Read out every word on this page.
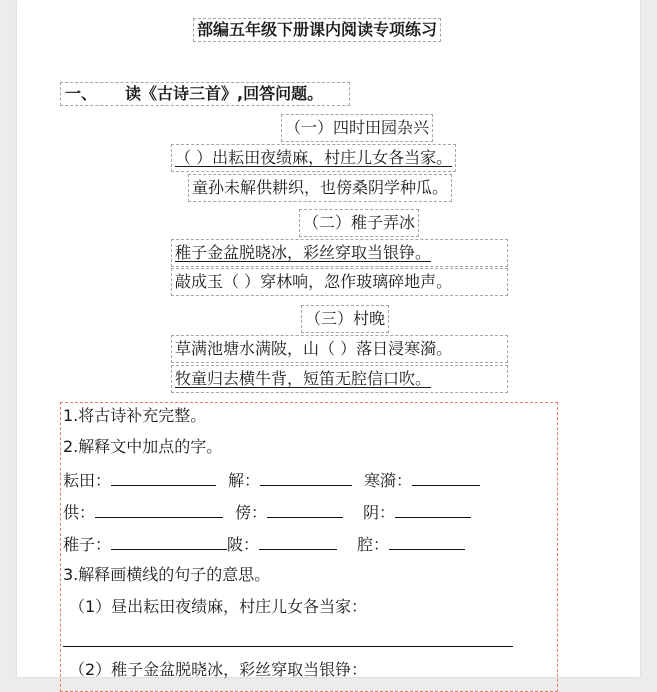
部编五年级下册课内阅读专项练习
一、 读《古诗三首》,回答问题。
（一）四时田园杂兴
（ ）出耘田夜绩麻，村庄儿女各当家。
童孙未解供耕织，也傍桑阴学种瓜。
（二）稚子弄冰
稚子金盆脱晓冰，彩丝穿取当银铮。
敲成玉（ ）穿林响，忽作玻璃碎地声。
（三）村晚
草满池塘水满陂，山（ ）落日浸寒漪。
牧童归去横牛背，短笛无腔信口吹。
1.将古诗补充完整。
2.解释文中加点的字。
耘田：	解：	寒漪：
供：	傍：	阴：
稚子：	陂：	腔：
3.解释画横线的句子的意思。
（1）昼出耘田夜绩麻，村庄儿女各当家：
（2）稚子金盆脱晓冰，彩丝穿取当银铮：
